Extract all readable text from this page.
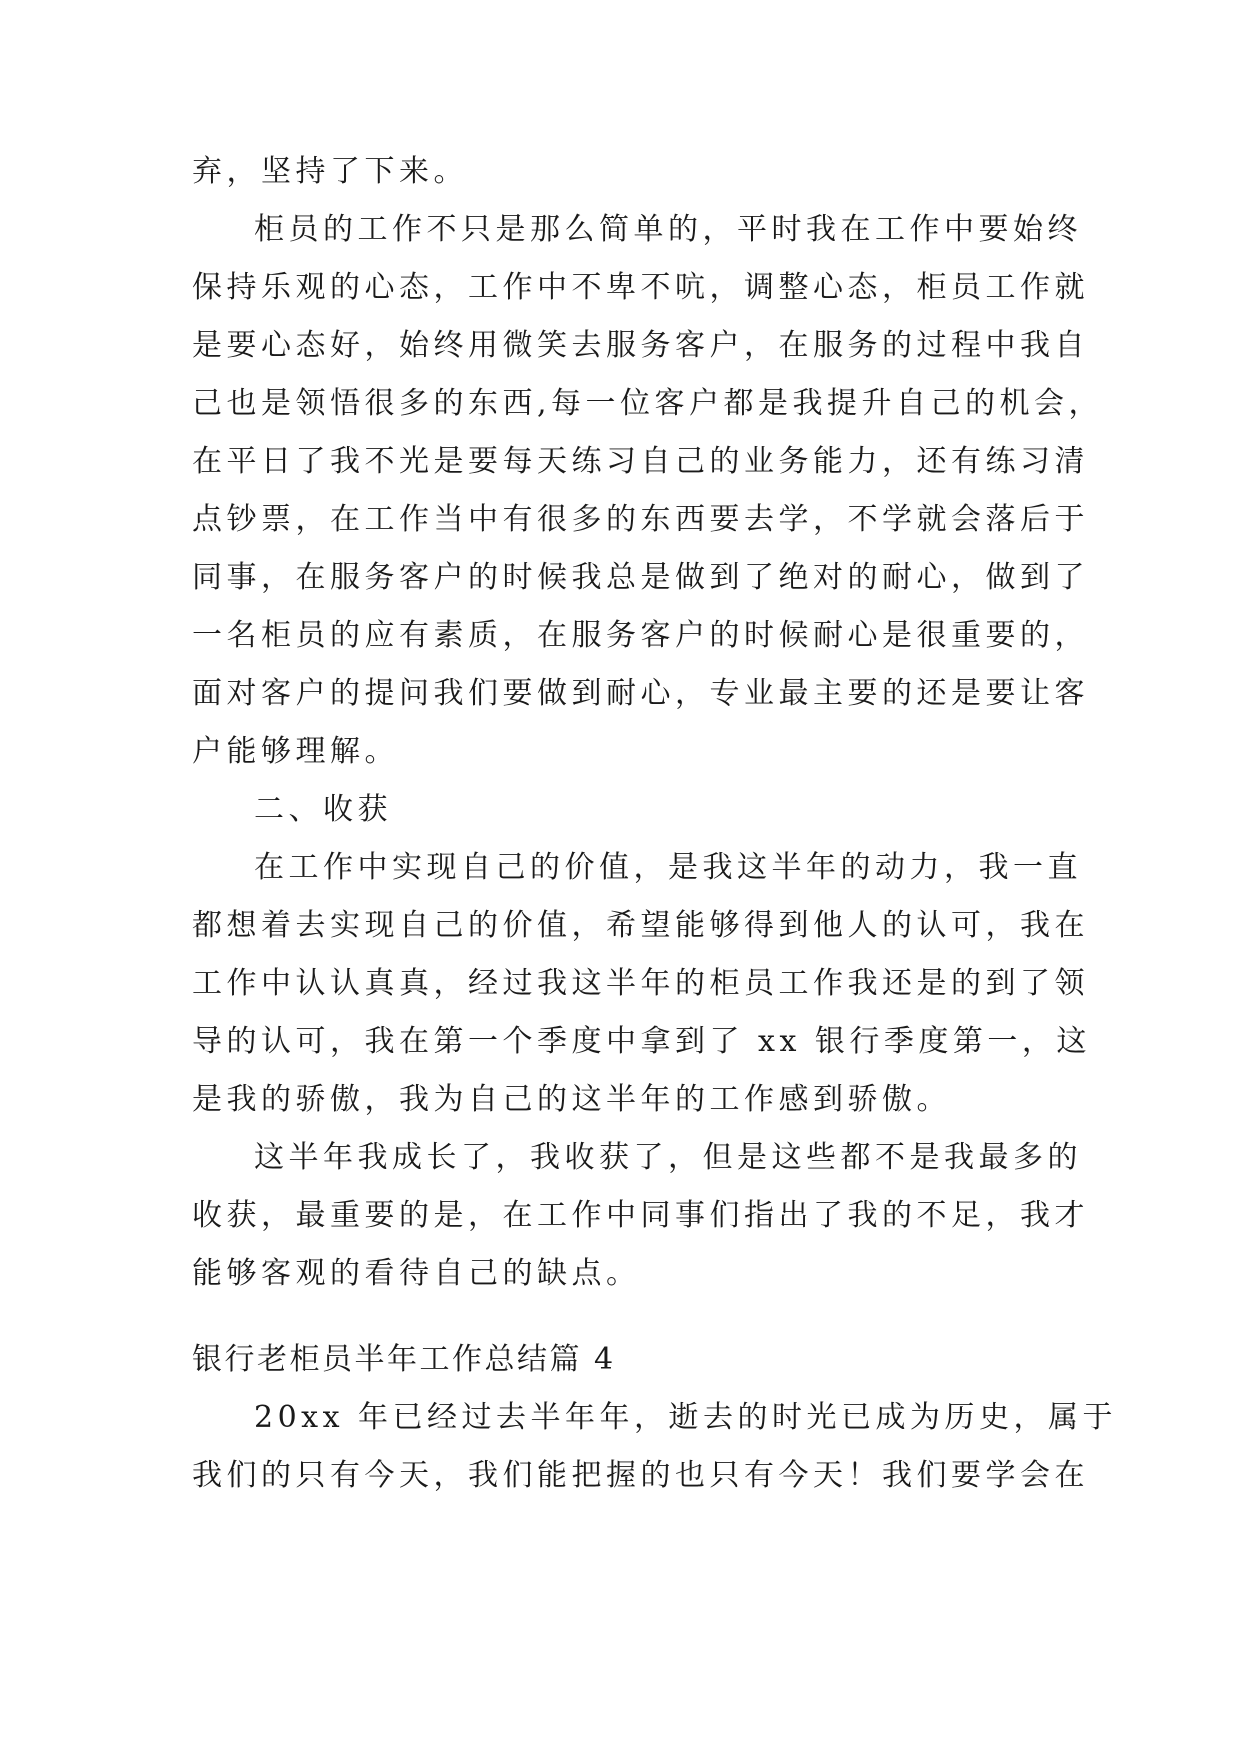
弃，坚持了下来。
柜员的工作不只是那么简单的，平时我在工作中要始终
保持乐观的心态，工作中不卑不吭，调整心态，柜员工作就
是要心态好，始终用微笑去服务客户，在服务的过程中我自
己也是领悟很多的东西,每一位客户都是我提升自己的机会，
在平日了我不光是要每天练习自己的业务能力，还有练习清
点钞票，在工作当中有很多的东西要去学，不学就会落后于
同事，在服务客户的时候我总是做到了绝对的耐心，做到了
一名柜员的应有素质，在服务客户的时候耐心是很重要的，
面对客户的提问我们要做到耐心，专业最主要的还是要让客
户能够理解。
二、收获
在工作中实现自己的价值，是我这半年的动力，我一直
都想着去实现自己的价值，希望能够得到他人的认可，我在
工作中认认真真，经过我这半年的柜员工作我还是的到了领
导的认可，我在第一个季度中拿到了 xx 银行季度第一，这
是我的骄傲，我为自己的这半年的工作感到骄傲。
这半年我成长了，我收获了，但是这些都不是我最多的
收获，最重要的是，在工作中同事们指出了我的不足，我才
能够客观的看待自己的缺点。
银行老柜员半年工作总结篇 4
20xx 年已经过去半年年，逝去的时光已成为历史，属于
我们的只有今天，我们能把握的也只有今天！我们要学会在
